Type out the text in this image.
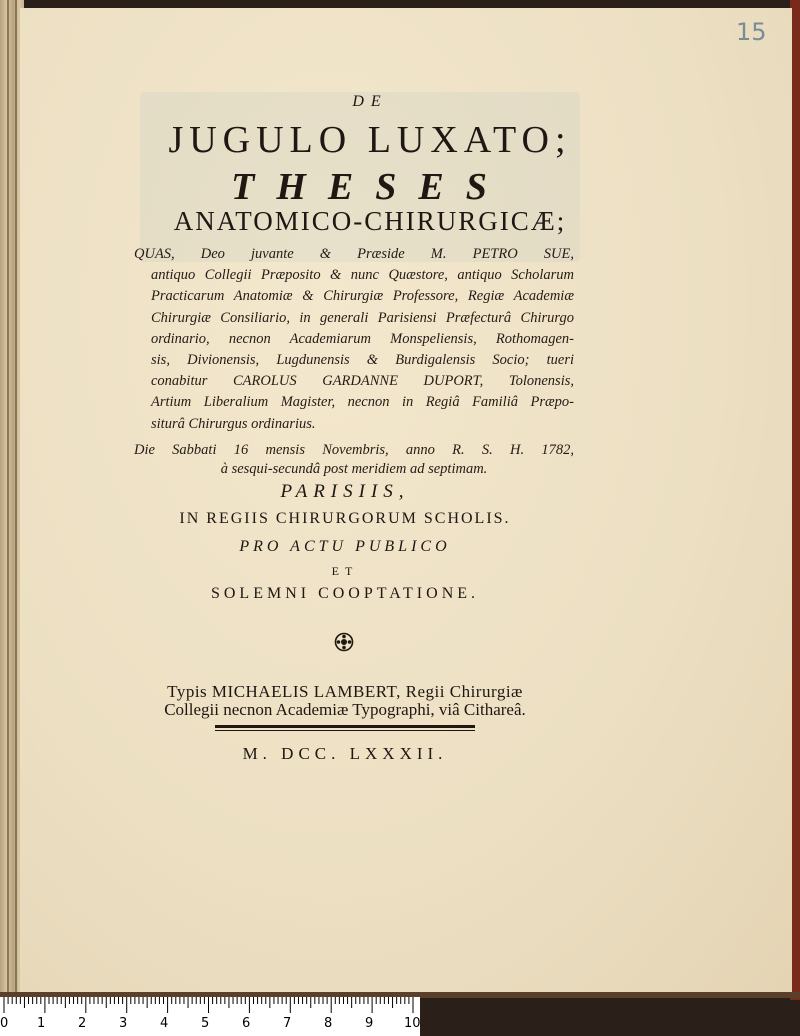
15
DE
JUGULO LUXATO;
THESES
ANATOMICO-CHIRURGICÆ;
QUAS, Deo juvante & Præside M. PETRO SUE,
antiquo Collegii Præposito & nunc Quæstore, antiquo Scholarum
Practicarum Anatomiæ & Chirurgiæ Professore, Regiæ Academiæ
Chirurgiæ Consiliario, in generali Parisiensi Præfecturâ Chirurgo
ordinario, necnon Academiarum Monspeliensis, Rothomagen-
sis, Divionensis, Lugdunensis & Burdigalensis Socio; tueri
conabitur CAROLUS GARDANNE DUPORT, Tolonensis,
Artium Liberalium Magister, necnon in Regiâ Familiâ Præpo-
siturâ Chirurgus ordinarius.
Die Sabbati 16 mensis Novembris, anno R. S. H. 1782,
à sesqui-secundâ post meridiem ad septimam.
PARISIIS,
IN REGIIS CHIRURGORUM SCHOLIS.
PRO ACTU PUBLICO
ET
SOLEMNI COOPTATIONE.
Typis MICHAELIS LAMBERT, Regii Chirurgiæ
Collegii necnon Academiæ Typographi, viâ Cithareâ.
M. DCC. LXXXII.
0 1	2	3	4	5	6	7	8	9 10
